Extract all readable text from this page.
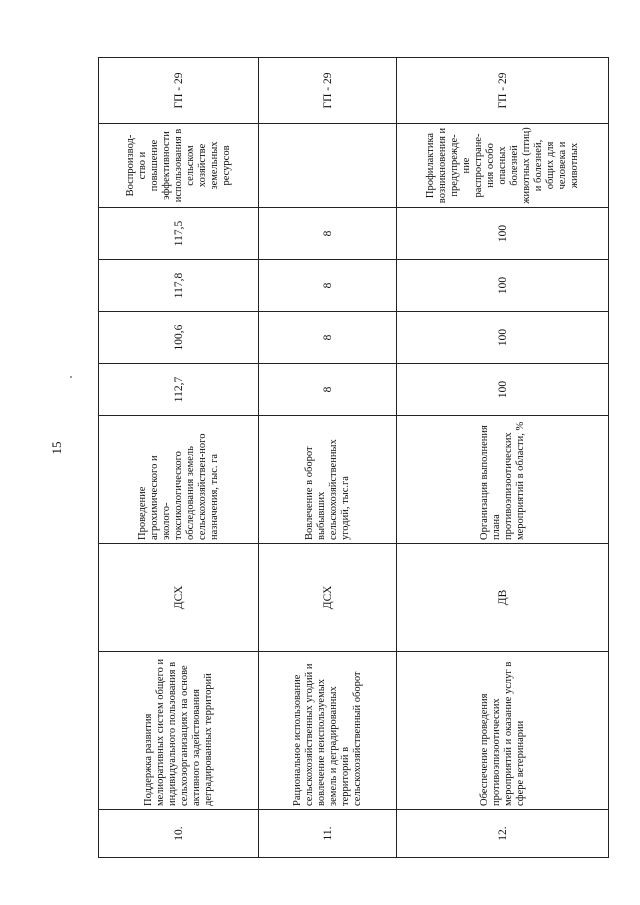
15
10.	Поддержка развития мелиоративных систем общего и индивидуального пользования в сельхозорганизациях на основе активного задействования деградированных территорий	ДСХ	Проведение агрохимического и эколого-токсикологического обследования земель сельскохозяйствен-ного назначения, тыс. га	112,7	100,6	117,8	117,5	Воспроизвод-ство и повышение эффективности использования в сельском хозяйстве земельных ресурсов	ГП - 29
11.	Рациональное использование сельскохозяйственных угодий и вовлечение неиспользуемых земель и деградированных территорий в сельскохозяйственный оборот	ДСХ	Вовлечение в оборот выбывших сельскохозяйственных угодий, тыс.га	8	8	8	8		ГП - 29
12.	Обеспечение проведения противоэпизоотических мероприятий и оказание услуг в сфере ветеринарии	ДВ	Организация выполнения плана противоэпизоотических мероприятий в области, %	100	100	100	100	Профилактика возникновения и предупрежде-ние распростране-ния особо опасных болезней животных (птиц) и болезней, общих для человека и животных	ГП - 29
